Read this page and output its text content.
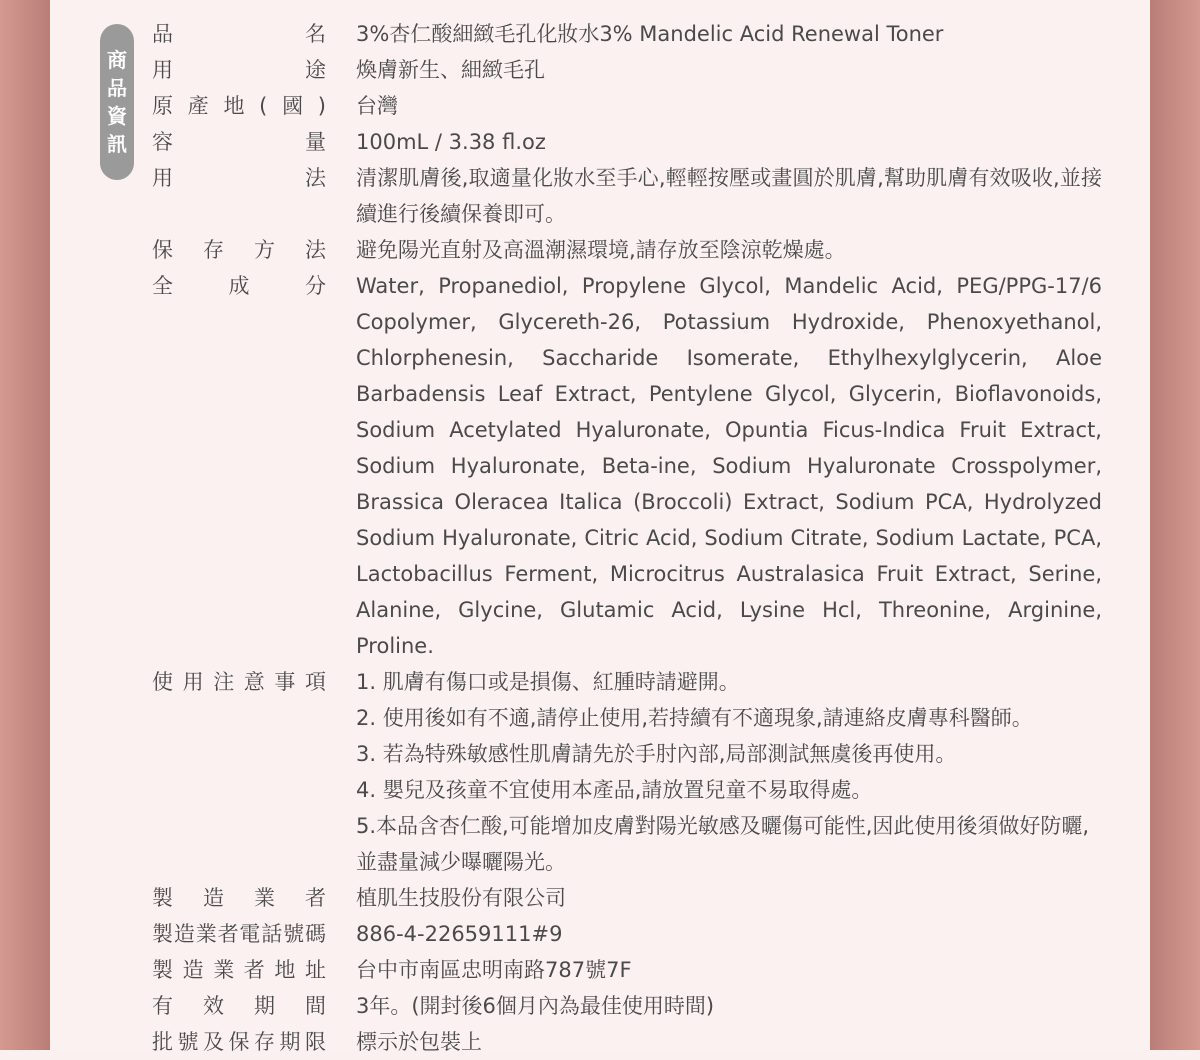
商
品
資
訊
品名 3%杏仁酸細緻毛孔化妝水3% Mandelic Acid Renewal Toner
用途 煥膚新生、細緻毛孔
原產地(國) 台灣
容量 100mL / 3.38 fl.oz
用法 清潔肌膚後,取適量化妝水至手心,輕輕按壓或畫圓於肌膚,幫助肌膚有效吸收,並接續進行後續保養即可。
保存方法 避免陽光直射及高溫潮濕環境,請存放至陰涼乾燥處。
全成分 Water, Propanediol, Propylene Glycol, Mandelic Acid, PEG/PPG-17/6 Copolymer, Glycereth-26, Potassium Hydroxide, Phenoxyethanol, Chlorphenesin, Saccharide Isomerate, Ethylhexylglycerin, Aloe Barbadensis Leaf Extract, Pentylene Glycol, Glycerin, Bioflavonoids, Sodium Acetylated Hyaluronate, Opuntia Ficus-Indica Fruit Extract, Sodium Hyaluronate, Beta-ine, Sodium Hyaluronate Crosspolymer, Brassica Oleracea Italica (Broccoli) Extract, Sodium PCA, Hydrolyzed Sodium Hyaluronate, Citric Acid, Sodium Citrate, Sodium Lactate, PCA, Lactobacillus Ferment, Microcitrus Australasica Fruit Extract, Serine, Alanine, Glycine, Glutamic Acid, Lysine Hcl, Threonine, Arginine, Proline.
使用注意事項 1. 肌膚有傷口或是損傷、紅腫時請避開。
2. 使用後如有不適,請停止使用,若持續有不適現象,請連絡皮膚專科醫師。
3. 若為特殊敏感性肌膚請先於手肘內部,局部測試無虞後再使用。
4. 嬰兒及孩童不宜使用本產品,請放置兒童不易取得處。
5.本品含杏仁酸,可能增加皮膚對陽光敏感及曬傷可能性,因此使用後須做好防曬,並盡量減少曝曬陽光。
製造業者 植肌生技股份有限公司
製造業者電話號碼 886-4-22659111#9
製造業者地址 台中市南區忠明南路787號7F
有效期間 3年。(開封後6個月內為最佳使用時間)
批號及保存期限 標示於包裝上
